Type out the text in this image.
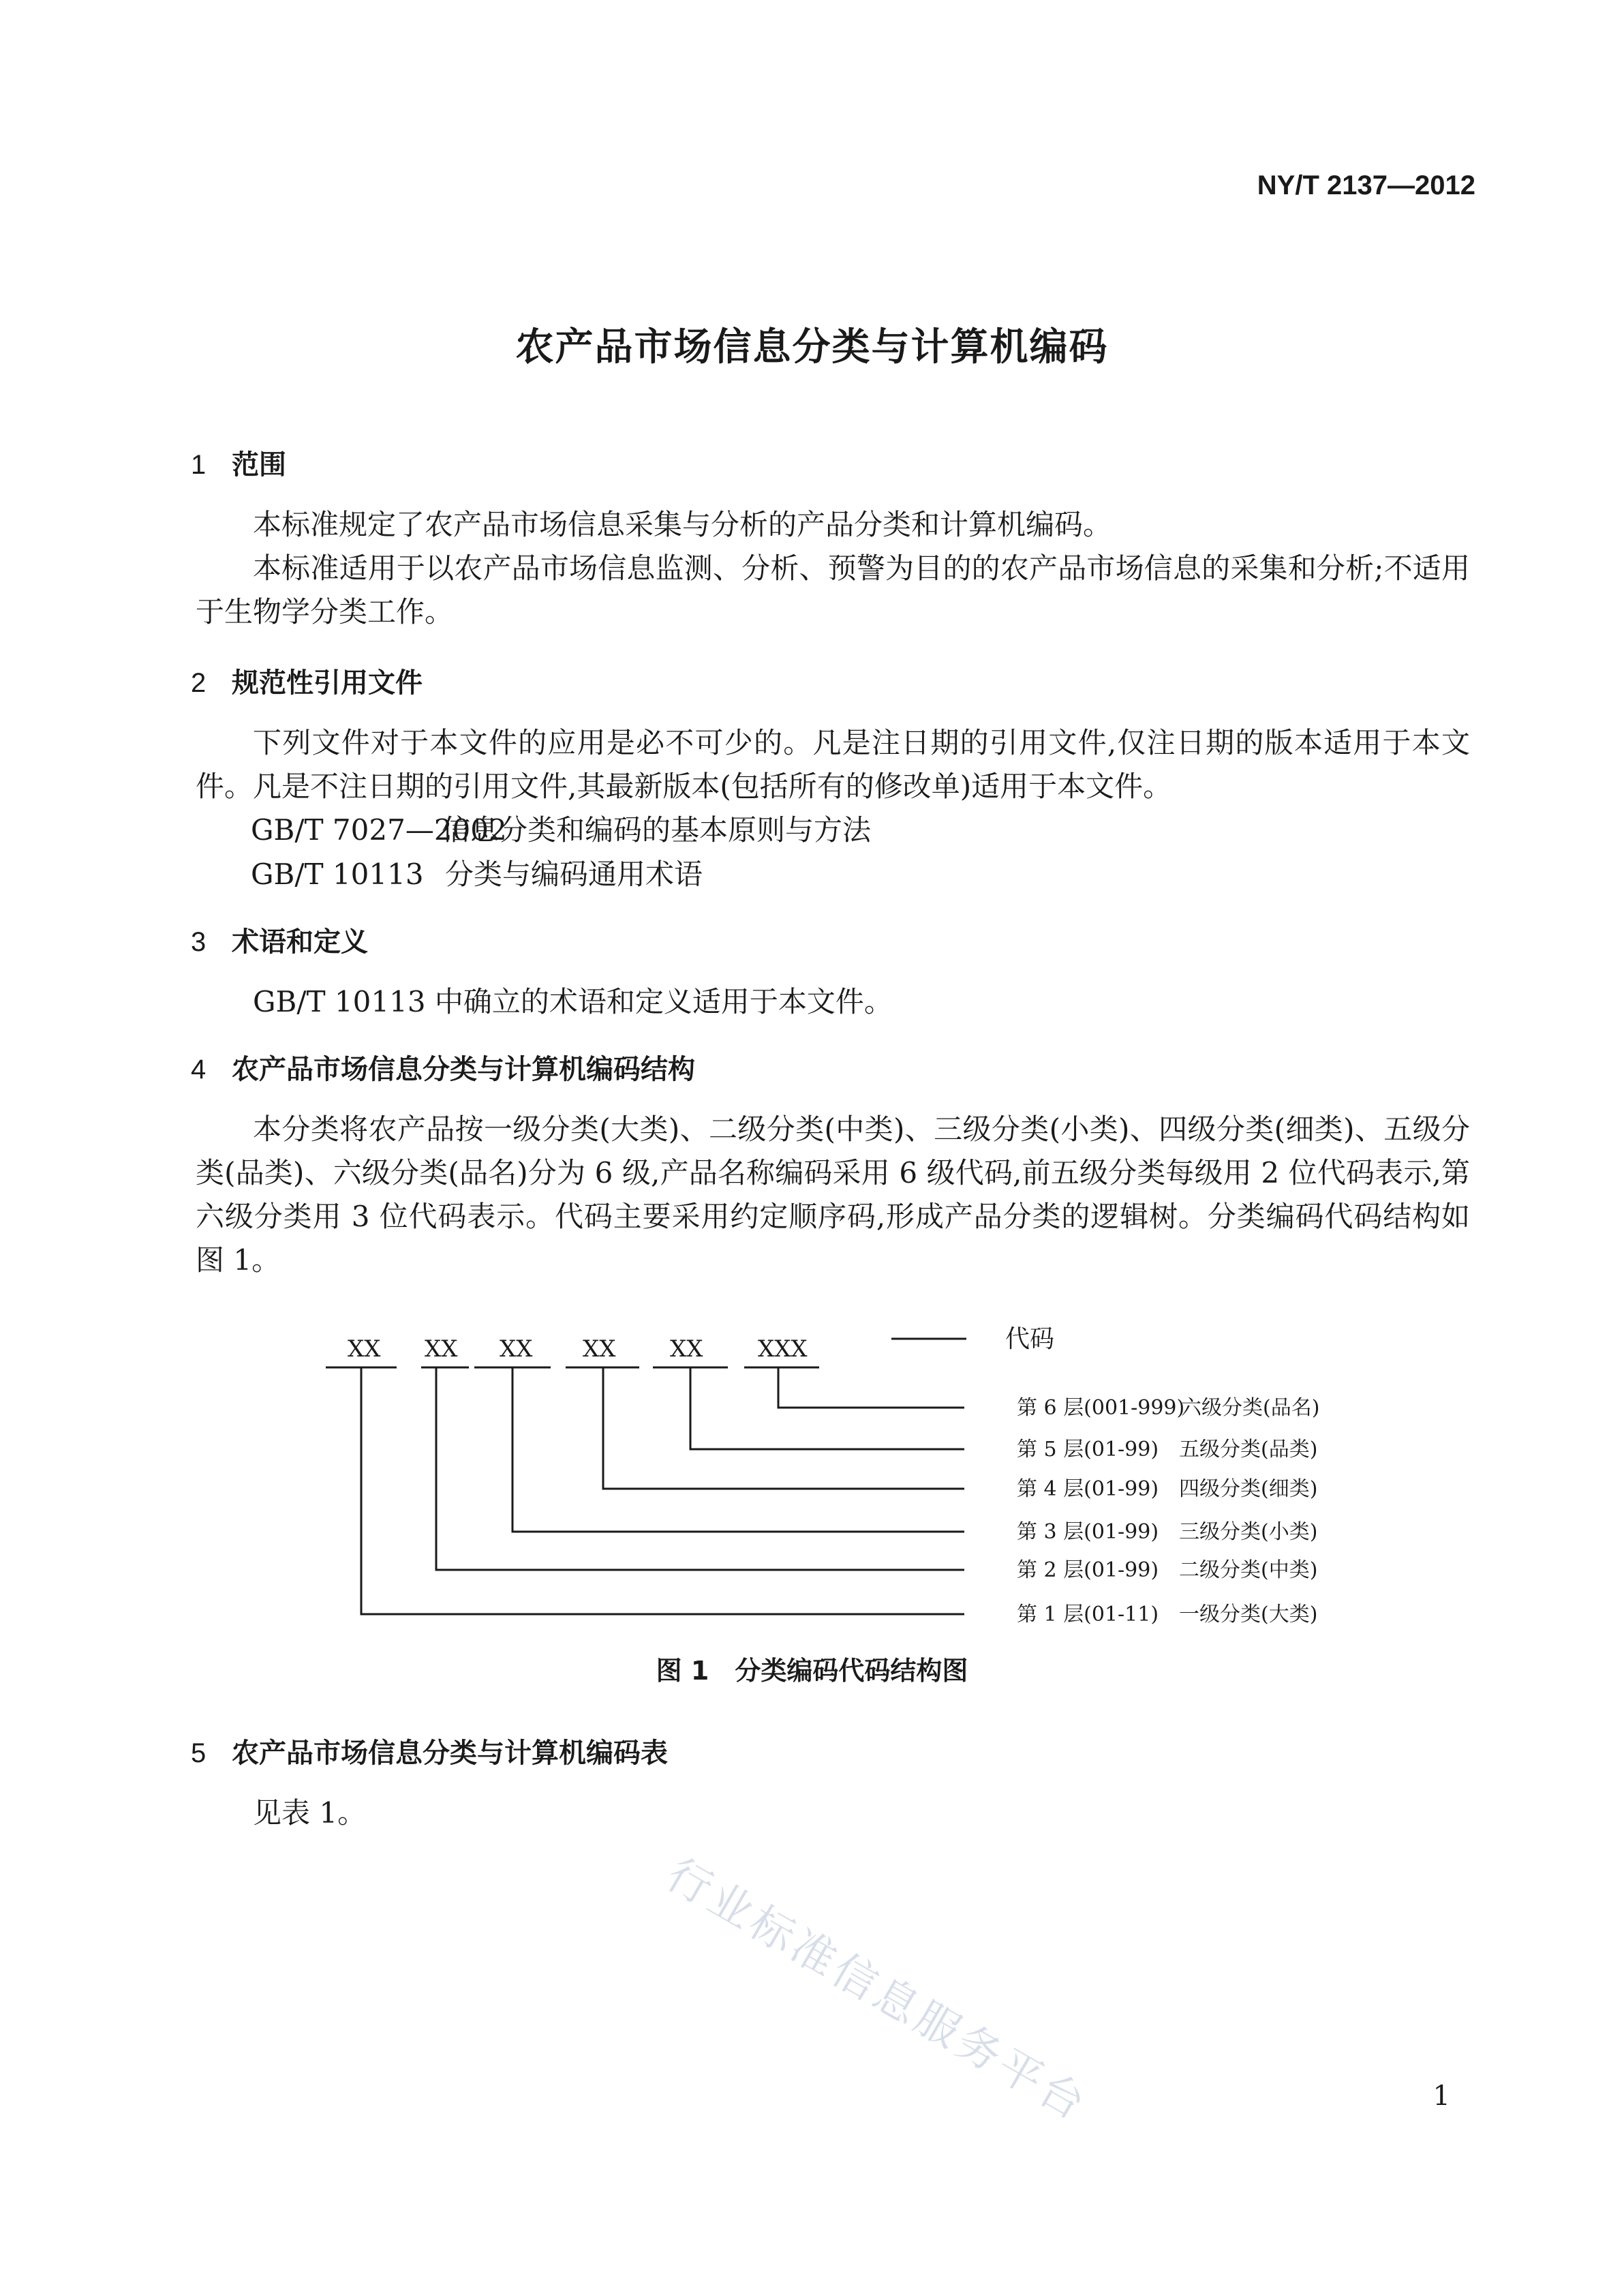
NY/T 2137—2012
农产品市场信息分类与计算机编码
1 范围
本标准规定了农产品市场信息采集与分析的产品分类和计算机编码。
本标准适用于以农产品市场信息监测、分析、预警为目的的农产品市场信息的采集和分析;不适用于生物学分类工作。
2 规范性引用文件
下列文件对于本文件的应用是必不可少的。凡是注日期的引用文件,仅注日期的版本适用于本文件。凡是不注日期的引用文件,其最新版本(包括所有的修改单)适用于本文件。
GB/T 7027—2002信息分类和编码的基本原则与方法
GB/T 10113 分类与编码通用术语
3 术语和定义
GB/T 10113 中确立的术语和定义适用于本文件。
4 农产品市场信息分类与计算机编码结构
本分类将农产品按一级分类(大类)、二级分类(中类)、三级分类(小类)、四级分类(细类)、五级分类(品类)、六级分类(品名)分为 6 级,产品名称编码采用 6 级代码,前五级分类每级用 2 位代码表示,第六级分类用 3 位代码表示。代码主要采用约定顺序码,形成产品分类的逻辑树。分类编码代码结构如图 1。
XX XX XX XX XX XXX	代码
第 6 层(001-999)
六级分类(品名)
第 5 层(01-99) 五级分类(品类)
第 4 层(01-99) 四级分类(细类)
第 3 层(01-99) 三级分类(小类)
第 2 层(01-99) 二级分类(中类)
第 1 层(01-11) 一级分类(大类)
图 1　分类编码代码结构图
5 农产品市场信息分类与计算机编码表
见表 1。
行业标准信息服务平台	1
